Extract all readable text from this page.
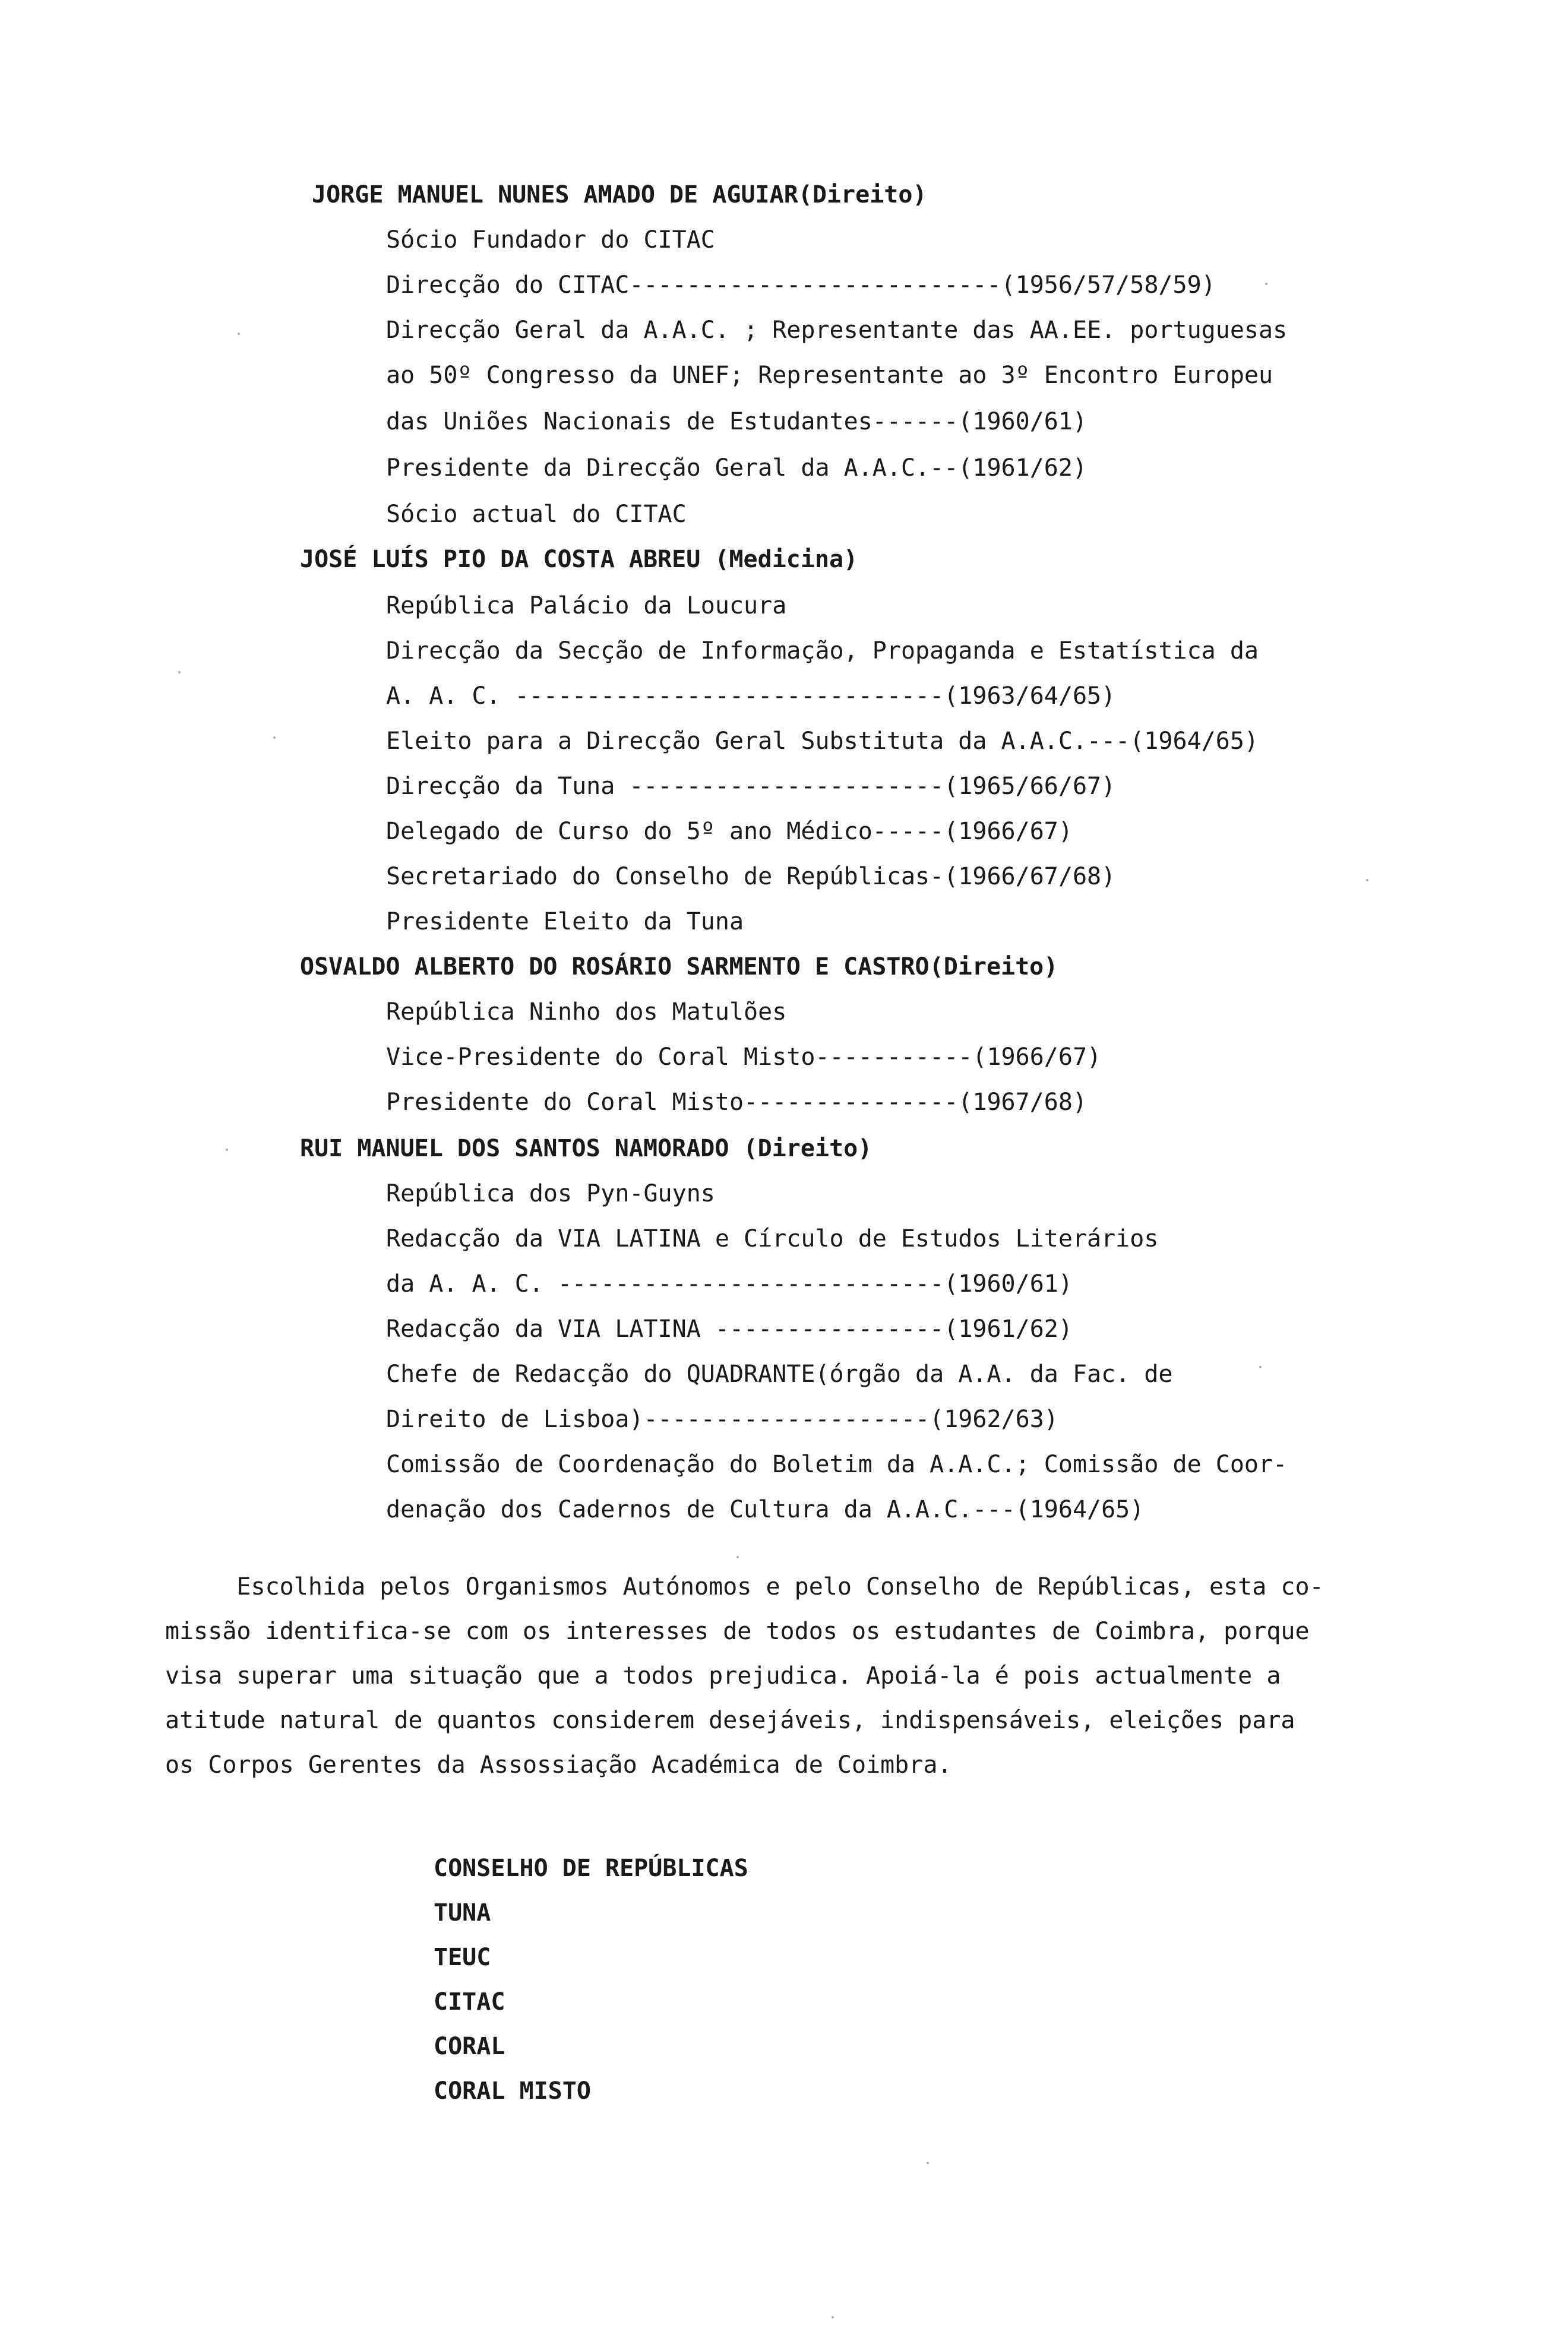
JORGE MANUEL NUNES AMADO DE AGUIAR(Direito)
Sócio Fundador do CITAC
Direcção do CITAC--------------------------(1956/57/58/59)
Direcção Geral da A.A.C. ; Representante das AA.EE. portuguesas
ao 50º Congresso da UNEF; Representante ao 3º Encontro Europeu
das Uniões Nacionais de Estudantes------(1960/61)
Presidente da Direcção Geral da A.A.C.--(1961/62)
Sócio actual do CITAC
JOSÉ LUÍS PIO DA COSTA ABREU (Medicina)
República Palácio da Loucura
Direcção da Secção de Informação, Propaganda e Estatística da
A. A. C. ------------------------------(1963/64/65)
Eleito para a Direcção Geral Substituta da A.A.C.---(1964/65)
Direcção da Tuna ----------------------(1965/66/67)
Delegado de Curso do 5º ano Médico-----(1966/67)
Secretariado do Conselho de Repúblicas-(1966/67/68)
Presidente Eleito da Tuna
OSVALDO ALBERTO DO ROSÁRIO SARMENTO E CASTRO(Direito)
República Ninho dos Matulões
Vice-Presidente do Coral Misto-----------(1966/67)
Presidente do Coral Misto---------------(1967/68)
RUI MANUEL DOS SANTOS NAMORADO (Direito)
República dos Pyn-Guyns
Redacção da VIA LATINA e Círculo de Estudos Literários
da A. A. C. ---------------------------(1960/61)
Redacção da VIA LATINA ----------------(1961/62)
Chefe de Redacção do QUADRANTE(órgão da A.A. da Fac. de
Direito de Lisboa)--------------------(1962/63)
Comissão de Coordenação do Boletim da A.A.C.; Comissão de Coor-
denação dos Cadernos de Cultura da A.A.C.---(1964/65)
Escolhida pelos Organismos Autónomos e pelo Conselho de Repúblicas, esta co-
missão identifica-se com os interesses de todos os estudantes de Coimbra, porque
visa superar uma situação que a todos prejudica. Apoiá-la é pois actualmente a
atitude natural de quantos considerem desejáveis, indispensáveis, eleições para
os Corpos Gerentes da Assossiação Académica de Coimbra.
CONSELHO DE REPÚBLICAS
TUNA
TEUC
CITAC
CORAL
CORAL MISTO
